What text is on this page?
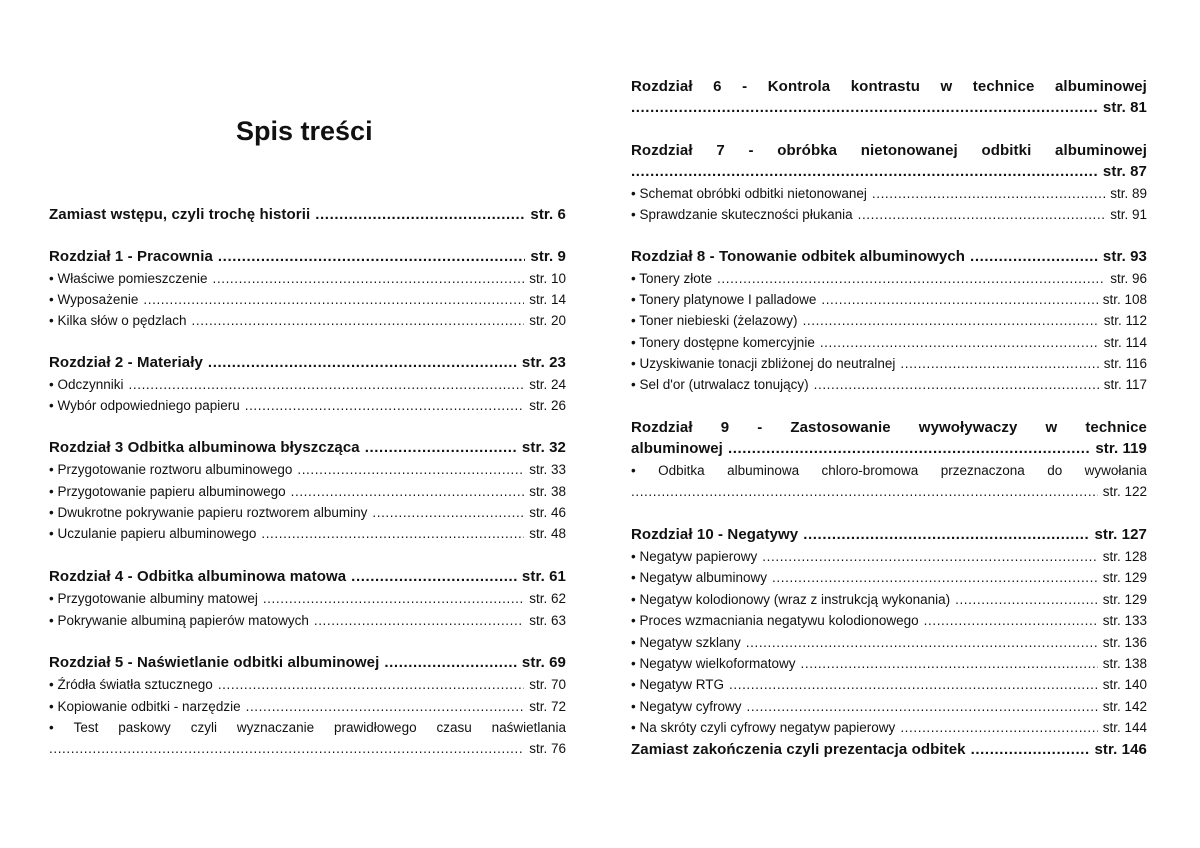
Spis treści
Zamiast wstępu, czyli trochę historii .....	str. 6
Rozdział 1 - Pracownia .....	str. 9
• Właściwe pomieszczenie .....	str. 10
• Wyposażenie .....	str. 14
• Kilka słów o pędzlach .....	str. 20
Rozdział 2 - Materiały .....	str. 23
• Odczynniki .....	str. 24
• Wybór odpowiedniego papieru .....	str. 26
Rozdział 3 Odbitka albuminowa błyszcząca .....	str. 32
• Przygotowanie roztworu albuminowego .....	str. 33
• Przygotowanie papieru albuminowego .....	str. 38
• Dwukrotne pokrywanie papieru roztworem albuminy .....	str. 46
• Uczulanie papieru albuminowego .....	str. 48
Rozdział 4 - Odbitka albuminowa matowa .....	str. 61
• Przygotowanie albuminy matowej .....	str. 62
• Pokrywanie albuminą papierów matowych .....	str. 63
Rozdział 5 - Naświetlanie odbitki albuminowej .....	str. 69
• Źródła światła sztucznego .....	str. 70
• Kopiowanie odbitki - narzędzie .....	str. 72
• Test paskowy czyli wyznaczanie prawidłowego czasu naświetlania
.....
str. 76
Rozdział 6 - Kontrola kontrastu w technice albuminowej
.....
str. 81
Rozdział 7 - obróbka nietonowanej odbitki albuminowej
.....
str. 87
• Schemat obróbki odbitki nietonowanej .....	str. 89
• Sprawdzanie skuteczności płukania .....	str. 91
Rozdział 8 - Tonowanie odbitek albuminowych .....	str. 93
• Tonery złote .....	str. 96
• Tonery platynowe I palladowe .....	str. 108
• Toner niebieski (żelazowy) .....	str. 112
• Tonery dostępne komercyjnie .....	str. 114
• Uzyskiwanie tonacji zbliżonej do neutralnej .....	str. 116
• Sel d'or (utrwalacz tonujący) .....	str. 117
Rozdział 9 - Zastosowanie wywoływaczy w technice
albuminowej .....	str. 119
• Odbitka albuminowa chloro-bromowa przeznaczona do wywołania
.....
str. 122
Rozdział 10 - Negatywy .....	str. 127
• Negatyw papierowy .....	str. 128
• Negatyw albuminowy .....	str. 129
• Negatyw kolodionowy (wraz z instrukcją wykonania) .....	str. 129
• Proces wzmacniania negatywu kolodionowego .....	str. 133
• Negatyw szklany .....	str. 136
• Negatyw wielkoformatowy .....	str. 138
• Negatyw RTG .....	str. 140
• Negatyw cyfrowy .....	str. 142
• Na skróty czyli cyfrowy negatyw papierowy .....	str. 144
Zamiast zakończenia czyli prezentacja odbitek .....	str. 146
